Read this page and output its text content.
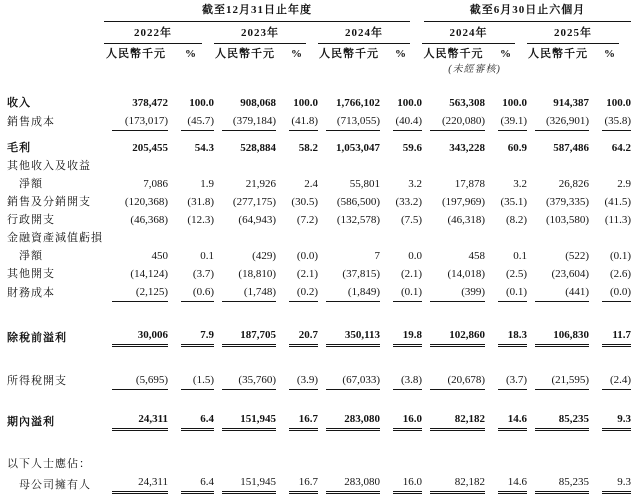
	截至12月31日止年度						截至6月30日止六個月			

	2022年		2023年		2024年		2024年		2025年	

	人民幣千元	%	人民幣千元	%	人民幣千元	%	人民幣千元	%	人民幣千元	%
							(未經審核)			

收入	378,472	100.0	908,068	100.0	1,766,102	100.0	563,308	100.0	914,387	100.0

銷售成本	(173,017)	(45.7)	(379,184)	(41.8)	(713,055)	(40.4)	(220,080)	(39.1)	(326,901)	(35.8)

毛利	205,455	54.3	528,884	58.2	1,053,047	59.6	343,228	60.9	587,486	64.2

其他收入及收益										
淨額	7,086	1.9	21,926	2.4	55,801	3.2	17,878	3.2	26,826	2.9

銷售及分銷開支	(120,368)	(31.8)	(277,175)	(30.5)	(586,500)	(33.2)	(197,969)	(35.1)	(379,335)	(41.5)

行政開支	(46,368)	(12.3)	(64,943)	(7.2)	(132,578)	(7.5)	(46,318)	(8.2)	(103,580)	(11.3)

金融資產減值虧損										
淨額	450	0.1	(429)	(0.0)	7	0.0	458	0.1	(522)	(0.1)

其他開支	(14,124)	(3.7)	(18,810)	(2.1)	(37,815)	(2.1)	(14,018)	(2.5)	(23,604)	(2.6)

財務成本	(2,125)	(0.6)	(1,748)	(0.2)	(1,849)	(0.1)	(399)	(0.1)	(441)	(0.0)

除稅前溢利	30,006	7.9	187,705	20.7	350,113	19.8	102,860	18.3	106,830	11.7

所得稅開支	(5,695)	(1.5)	(35,760)	(3.9)	(67,033)	(3.8)	(20,678)	(3.7)	(21,595)	(2.4)

期內溢利	24,311	6.4	151,945	16.7	283,080	16.0	82,182	14.6	85,235	9.3

以下人士應佔：										
母公司擁有人	24,311	6.4	151,945	16.7	283,080	16.0	82,182	14.6	85,235	9.3
